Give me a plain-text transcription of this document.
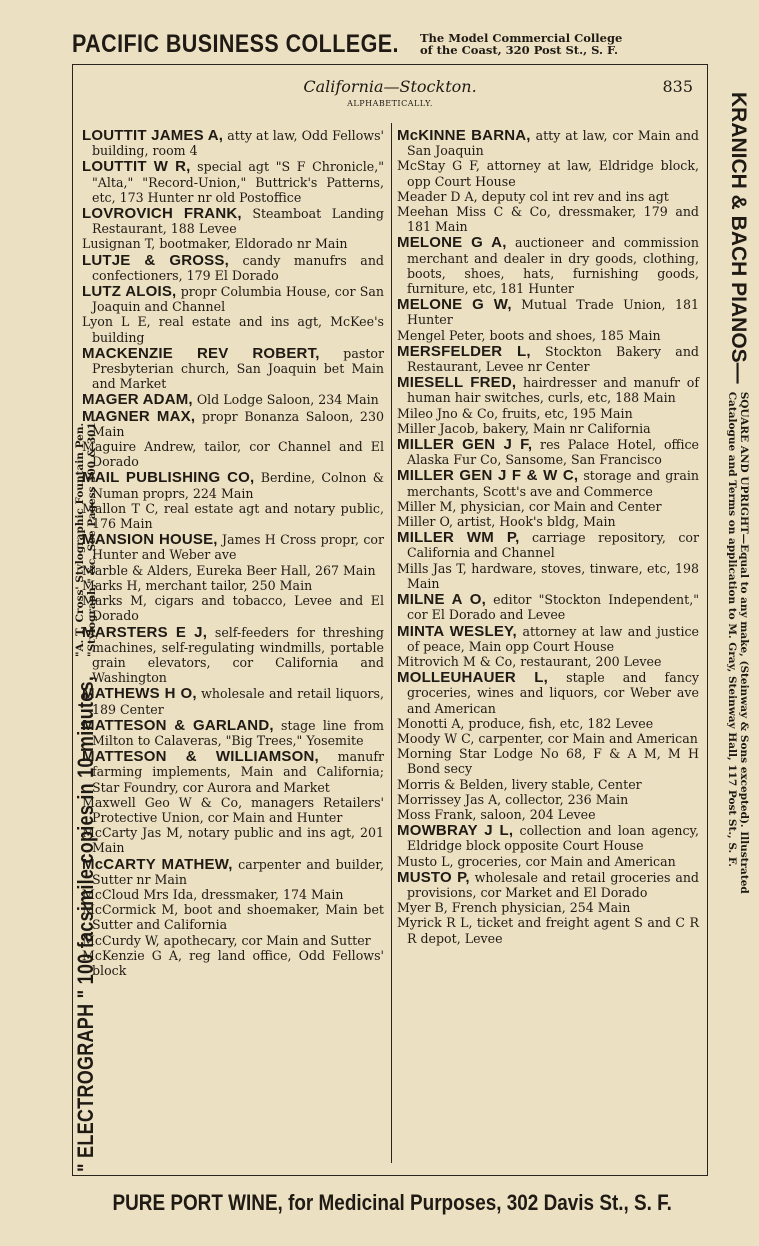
PACIFIC BUSINESS COLLEGE. The Model Commercial College
of the Coast, 320 Post St., S. F.
" ELECTROGRAPH " 100 facsimile copies in 10 minutes,
"A. T. Cross' Stylographic Fountain Pen. "Stylograph," &c. See Pagess 300 & 301.
KRANICH & BACH PIANOS—
SQUARE AND UPRIGHT—Equal to any make, (Steinway & Sons excepted). Illustrated
Catalogue and Terms on application to M. Gray, Steinway Hall, 117 Post St., S. F.
California—Stockton.	835
ALPHABETICALLY.

LOUTTIT JAMES A, atty at law, Odd Fellows' building, room 4

LOUTTIT W R, special agt "S F Chronicle," "Alta," "Record-Union," Buttrick's Patterns, etc, 173 Hunter nr old Postoffice

LOVROVICH FRANK, Steamboat Landing Restaurant, 188 Levee

Lusignan T, bootmaker, Eldorado nr Main

LUTJE & GROSS, candy manufrs and confectioners, 179 El Dorado

LUTZ ALOIS, propr Columbia House, cor San Joaquin and Channel

Lyon L E, real estate and ins agt, McKee's building

MACKENZIE REV ROBERT, pastor Presbyterian church, San Joaquin bet Main and Market

MAGER ADAM, Old Lodge Saloon, 234 Main

MAGNER MAX, propr Bonanza Saloon, 230 Main

Maguire Andrew, tailor, cor Channel and El Dorado

MAIL PUBLISHING CO, Berdine, Colnon & Numan proprs, 224 Main

Mallon T C, real estate agt and notary public, 176 Main

MANSION HOUSE, James H Cross propr, cor Hunter and Weber ave

Marble & Alders, Eureka Beer Hall, 267 Main

Marks H, merchant tailor, 250 Main

Marks M, cigars and tobacco, Levee and El Dorado

MARSTERS E J, self-feeders for threshing machines, self-regulating windmills, portable grain elevators, cor California and Washington

MATHEWS H O, wholesale and retail liquors, 189 Center

MATTESON & GARLAND, stage line from Milton to Calaveras, "Big Trees," Yosemite

MATTESON & WILLIAMSON, manufr farming implements, Main and California; Star Foundry, cor Aurora and Market

Maxwell Geo W & Co, managers Retailers' Protective Union, cor Main and Hunter

McCarty Jas M, notary public and ins agt, 201 Main

McCARTY MATHEW, carpenter and builder, Sutter nr Main

McCloud Mrs Ida, dressmaker, 174 Main

McCormick M, boot and shoemaker, Main bet Sutter and California

McCurdy W, apothecary, cor Main and Sutter

McKenzie G A, reg land office, Odd Fellows' block

McKINNE BARNA, atty at law, cor Main and San Joaquin

McStay G F, attorney at law, Eldridge block, opp Court House

Meader D A, deputy col int rev and ins agt

Meehan Miss C & Co, dressmaker, 179 and 181 Main

MELONE G A, auctioneer and commission merchant and dealer in dry goods, clothing, boots, shoes, hats, furnishing goods, furniture, etc, 181 Hunter

MELONE G W, Mutual Trade Union, 181 Hunter

Mengel Peter, boots and shoes, 185 Main

MERSFELDER L, Stockton Bakery and Restaurant, Levee nr Center

MIESELL FRED, hairdresser and manufr of human hair switches, curls, etc, 188 Main

Mileo Jno & Co, fruits, etc, 195 Main

Miller Jacob, bakery, Main nr California

MILLER GEN J F, res Palace Hotel, office Alaska Fur Co, Sansome, San Francisco

MILLER GEN J F & W C, storage and grain merchants, Scott's ave and Commerce

Miller M, physician, cor Main and Center

Miller O, artist, Hook's bldg, Main

MILLER WM P, carriage repository, cor California and Channel

Mills Jas T, hardware, stoves, tinware, etc, 198 Main

MILNE A O, editor "Stockton Independent," cor El Dorado and Levee

MINTA WESLEY, attorney at law and justice of peace, Main opp Court House

Mitrovich M & Co, restaurant, 200 Levee

MOLLEUHAUER L, staple and fancy groceries, wines and liquors, cor Weber ave and American

Monotti A, produce, fish, etc, 182 Levee

Moody W C, carpenter, cor Main and American

Morning Star Lodge No 68, F & A M, M H Bond secy

Morris & Belden, livery stable, Center

Morrissey Jas A, collector, 236 Main

Moss Frank, saloon, 204 Levee

MOWBRAY J L, collection and loan agency, Eldridge block opposite Court House

Musto L, groceries, cor Main and American

MUSTO P, wholesale and retail groceries and provisions, cor Market and El Dorado

Myer B, French physician, 254 Main

Myrick R L, ticket and freight agent S and C R R depot, Levee

PURE PORT WINE, for Medicinal Purposes, 302 Davis St., S. F.
